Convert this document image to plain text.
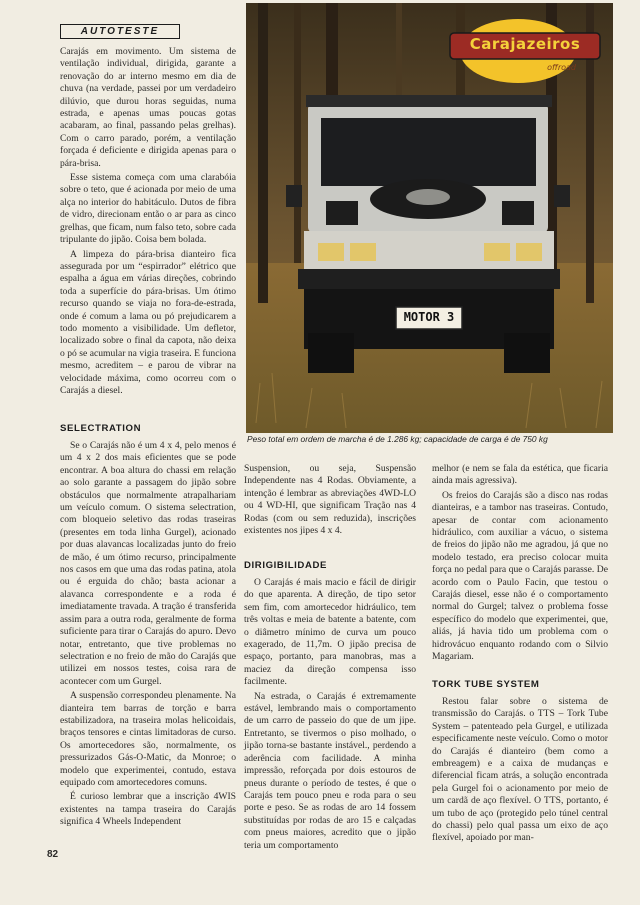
AUTOTESTE

Carajás em movimento. Um sistema de ventilação individual, dirigida, garante a renovação do ar interno mesmo em dia de chuva (na verdade, passei por um verdadeiro dilúvio, que durou horas seguidas, numa estrada, e apenas umas poucas gotas acabaram, ao final, passando pelas grelhas). Com o carro parado, porém, a ventilação forçada é deficiente e dirigida apenas para o pára-brisa.

Esse sistema começa com uma clarabóia sobre o teto, que é acionada por meio de uma alça no interior do habitáculo. Dutos de fibra de vidro, direcionam então o ar para as cinco grelhas, que ficam, num falso teto, sobre cada tripulante do jipão. Coisa bem bolada.

A limpeza do pára-brisa dianteiro fica assegurada por um “espirrador” elétrico que espalha a água em várias direções, cobrindo toda a superfície do pára-brisas. Um ótimo recurso quando se viaja no fora-de-estrada, onde é comum a lama ou pó prejudicarem a todo momento a visibilidade. Um defletor, localizado sobre o final da capota, não deixa o pó se acumular na vigia traseira. E funciona mesmo, acreditem – e parou de vibrar na velocidade máxima, como ocorreu com o Carajás a diesel.

Carajazeiros
offroad
MOTOR 3
Peso total em ordem de marcha é de 1.286 kg; capacidade de carga é de 750 kg
SELECTRATION

Se o Carajás não é um 4 x 4, pelo menos é um 4 x 2 dos mais eficientes que se pode encontrar. A boa altura do chassi em relação ao solo garante a passagem do jipão sobre obstáculos que normalmente atrapalhariam um veículo comum. O sistema selectration, com bloqueio seletivo das rodas traseiras (presentes em toda linha Gurgel), acionado por duas alavancas localizadas junto do freio de mão, é um ótimo recurso, principalmente nos casos em que uma das rodas patina, atola ou é erguida do chão; basta acionar a alavanca correspondente e a roda é imediatamente travada. A tração é transferida assim para a outra roda, geralmente de forma suficiente para tirar o Carajás do apuro. Devo notar, entretanto, que tive problemas no selectration e no freio de mão do Carajás que utilizei em nossos testes, coisa rara de acontecer com um Gurgel.

A suspensão correspondeu plenamente. Na dianteira tem barras de torção e barra estabilizadora, na traseira molas helicoidais, braços tensores e cintas limitadoras de curso. Os amortecedores são, normalmente, os pressurizados Gás-O-Matic, da Monroe; o modelo que experimentei, contudo, estava equipado com amortecedores comuns.

É curioso lembrar que a inscrição 4WIS existentes na tampa traseira do Carajás significa 4 Wheels Independent

Suspension, ou seja, Suspensão Independente nas 4 Rodas. Obviamente, a intenção é lembrar as abreviações 4WD-LO ou 4 WD-HI, que significam Tração nas 4 Rodas (com ou sem reduzida), inscrições existentes nos jipes 4 x 4.

DIRIGIBILIDADE

O Carajás é mais macio e fácil de dirigir do que aparenta. A direção, de tipo setor sem fim, com amortecedor hidráulico, tem três voltas e meia de batente a batente, com o diâmetro mínimo de curva um pouco exagerado, de 11,7m. O jipão precisa de espaço, portanto, para manobras, mas a maciez da direção compensa isso facilmente.

Na estrada, o Carajás é extremamente estável, lembrando mais o comportamento de um carro de passeio do que de um jipe. Entretanto, se tivermos o piso molhado, o jipão torna-se bastante instável., perdendo a aderência com facilidade. A minha impressão, reforçada por dois estouros de pneus durante o período de testes, é que o Carajás tem pouco pneu e roda para o seu porte e peso. Se as rodas de aro 14 fossem substituídas por rodas de aro 15 e calçadas com pneus maiores, acredito que o jipão teria um comportamento

melhor (e nem se fala da estética, que ficaria ainda mais agressiva).

Os freios do Carajás são a disco nas rodas dianteiras, e a tambor nas traseiras. Contudo, apesar de contar com acionamento hidráulico, com auxiliar a vácuo, o sistema de freios do jipão não me agradou, já que no modelo testado, era preciso colocar muita força no pedal para que o Carajás parasse. De acordo com o Paulo Facin, que testou o Carajás diesel, esse não é o comportamento normal do Gurgel; talvez o problema fosse específico do modelo que experimentei, que, aliás, já havia tido um problema com o hidrovácuo enquanto rodando com o Silvio Magariam.

TORK TUBE SYSTEM

Restou falar sobre o sistema de transmissão do Carajás. o TTS – Tork Tube System – patenteado pela Gurgel, e utilizada especificamente neste veículo. Como o motor do Carajás é dianteiro (bem como a embreagem) e a caixa de mudanças e diferencial ficam atrás, a solução encontrada pela Gurgel foi o acionamento por meio de um cardã de aço flexível. O TTS, portanto, é um tubo de aço (protegido pelo túnel central do chassi) pelo qual passa um eixo de aço flexível, apoiado por man-

82
